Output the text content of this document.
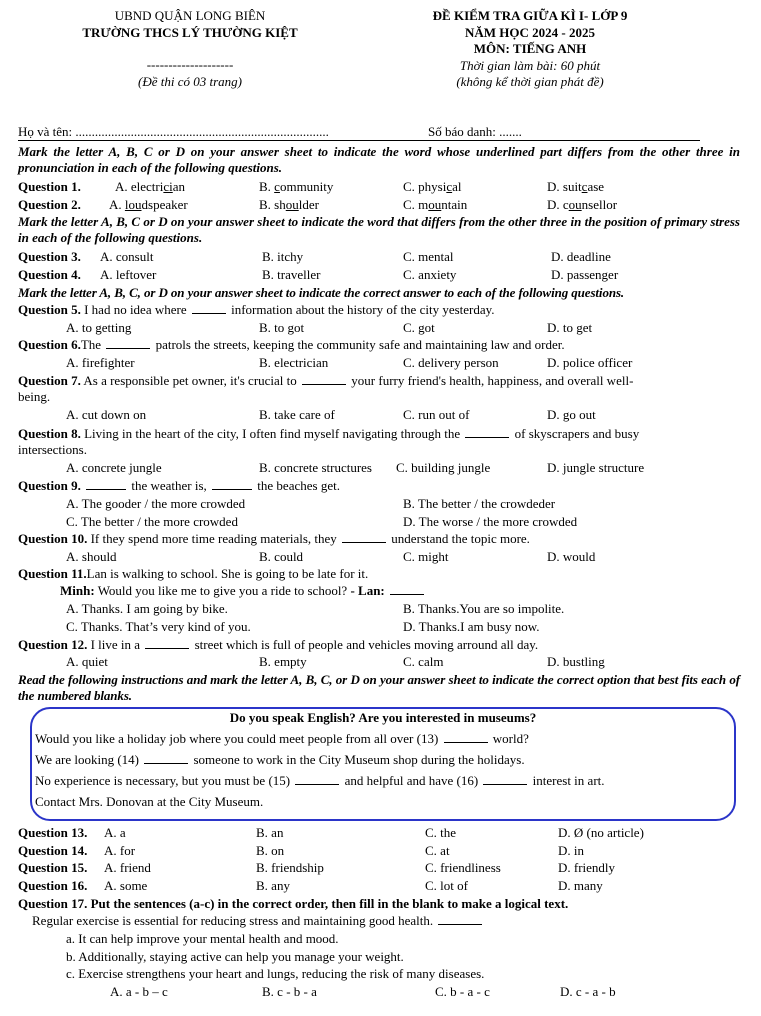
UBND QUẬN LONG BIÊN
TRƯỜNG THCS LÝ THƯỜNG KIỆT
--------------------
(Đề thi có 03 trang)
ĐỀ KIỂM TRA GIỮA KÌ I- LỚP 9
NĂM HỌC 2024 - 2025
MÔN: TIẾNG ANH
Thời gian làm bài: 60 phút
(không kể thời gian phát đề)
Họ và tên: ..............................................................................	Số báo danh: .......
Mark the letter A, B, C or D on your answer sheet to indicate the word whose underlined part differs from the other three in pronunciation in each of the following questions.
Question 1.	A. electrician	B. community	C. physical	D. suitcase
Question 2. A. loudspeaker	B. shoulder	C. mountain	D. counsellor
Mark the letter A, B, C or D on your answer sheet to indicate the word that differs from the other three in the position of primary stress in each of the following questions.
Question 3. A. consult	B. itchy	C. mental	D. deadline
Question 4. A. leftover	B. traveller	C. anxiety	D. passenger
Mark the letter A, B, C, or D on your answer sheet to indicate the correct answer to each of the following questions.
Question 5. I had no idea where	information about the history of the city yesterday.
A. to getting	B. to got	C. got	D. to get
Question 6.The	patrols the streets, keeping the community safe and maintaining law and order.
A. firefighter	B. electrician	C. delivery person	D. police officer
Question 7. As a responsible pet owner, it's crucial to	your furry friend's health, happiness, and overall well-
being.
A. cut down on	B. take care of	C. run out of	D. go out
Question 8. Living in the heart of the city, I often find myself navigating through the	of skyscrapers and busy
intersections.
A. concrete jungle	B. concrete structures C. building jungle	D. jungle structure
Question 9.	the weather is,	the beaches get.
A. The gooder / the more crowded	B. The better / the crowdeder
C. The better / the more crowded	D. The worse / the more crowded
Question 10. If they spend more time reading materials, they	understand the topic more.
A. should	B. could	C. might	D. would
Question 11.Lan is walking to school. She is going to be late for it.
Minh: Would you like me to give you a ride to school? - Lan:
A. Thanks. I am going by bike.	B. Thanks.You are so impolite.
C. Thanks. That’s very kind of you.	D. Thanks.I am busy now.
Question 12. I live in a	street which is full of people and vehicles moving arround all day.
A. quiet	B. empty	C. calm	D. bustling
Read the following instructions and mark the letter A, B, C, or D on your answer sheet to indicate the correct option that best fits each of the numbered blanks.
Do you speak English? Are you interested in museums?
Would you like a holiday job where you could meet people from all over (13)	world?
We are looking (14)	someone to work in the City Museum shop during the holidays.
No experience is necessary, but you must be (15)	and helpful and have (16)	interest in art.
Contact Mrs. Donovan at the City Museum.
Question 13. A. a	B. an	C. the	D. Ø (no article)
Question 14. A. for	B. on	C. at	D. in
Question 15. A. friend	B. friendship	C. friendliness	D. friendly
Question 16. A. some	B. any	C. lot of	D. many
Question 17. Put the sentences (a-c) in the correct order, then fill in the blank to make a logical text.
Regular exercise is essential for reducing stress and maintaining good health.
a. It can help improve your mental health and mood.
b. Additionally, staying active can help you manage your weight.
c. Exercise strengthens your heart and lungs, reducing the risk of many diseases.
A. a - b – c	B. c - b - a	C. b - a - c	D. c - a - b
